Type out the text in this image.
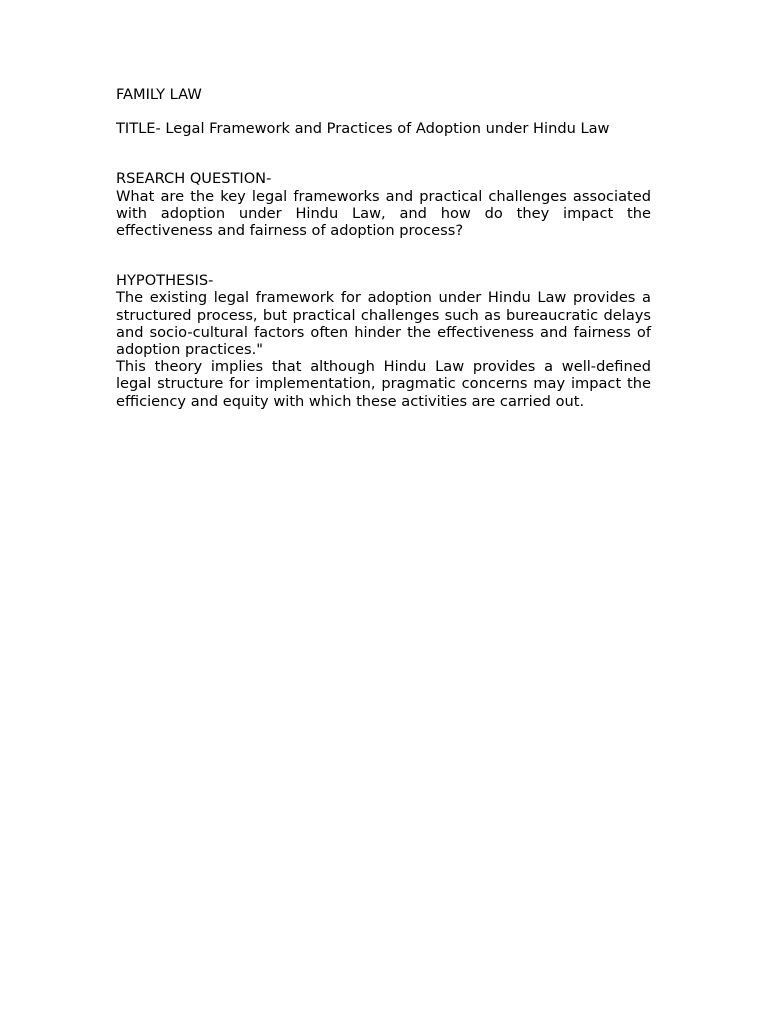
FAMILY LAW

TITLE- Legal Framework and Practices of Adoption under Hindu Law

RSEARCH QUESTION-

What are the key legal frameworks and practical challenges associated with adoption under Hindu Law, and how do they impact the effectiveness and fairness of adoption process?

HYPOTHESIS-

The existing legal framework for adoption under Hindu Law provides a structured process, but practical challenges such as bureaucratic delays and socio-cultural factors often hinder the effectiveness and fairness of adoption practices."

This theory implies that although Hindu Law provides a well-defined legal structure for implementation, pragmatic concerns may impact the efficiency and equity with which these activities are carried out.
